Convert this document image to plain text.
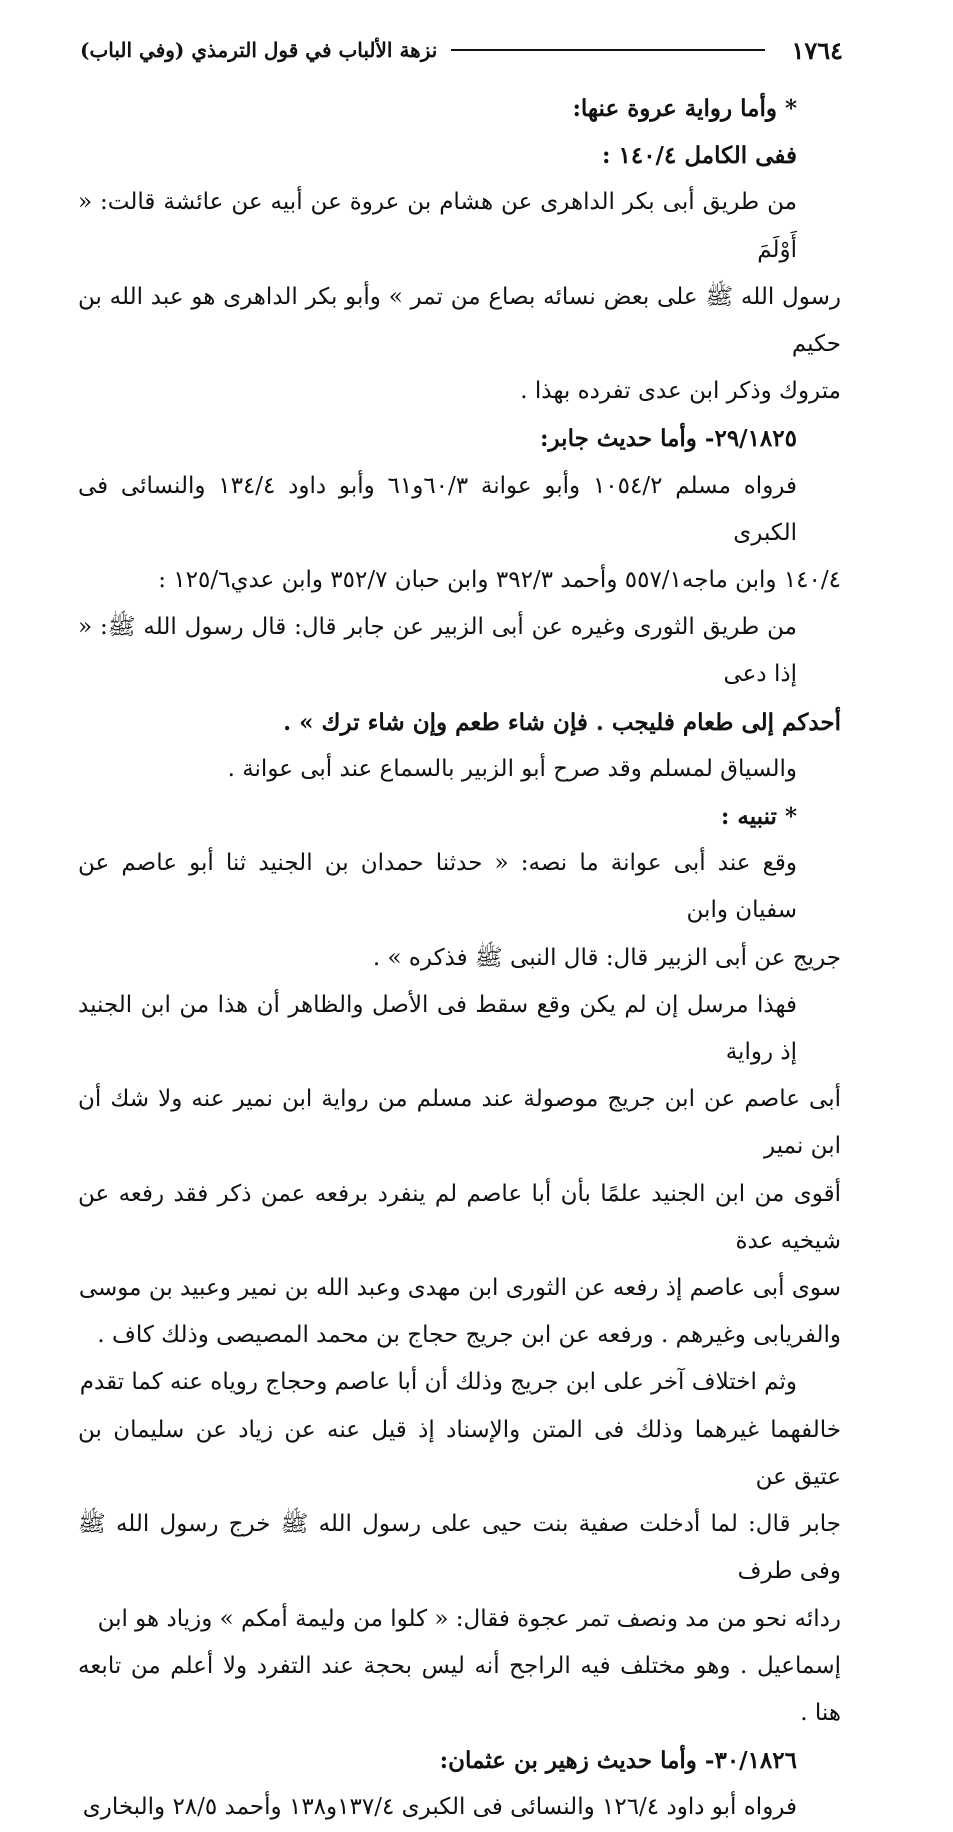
١٧٦٤
نزهة الألباب في قول الترمذي (وفي الباب)

* وأما رواية عروة عنها:

ففى الكامل ١٤٠/٤ :

من طريق أبى بكر الداهرى عن هشام بن عروة عن أبيه عن عائشة قالت: « أَوْلَمَ

رسول الله ﷺ على بعض نسائه بصاع من تمر » وأبو بكر الداهرى هو عبد الله بن حكيم

متروك وذكر ابن عدى تفرده بهذا .

٢٩/١٨٢٥- وأما حديث جابر:

فرواه مسلم ١٠٥٤/٢ وأبو عوانة ٦٠/٣و٦١ وأبو داود ١٣٤/٤ والنسائى فى الكبرى

١٤٠/٤ وابن ماجه٥٥٧/١ وأحمد ٣٩٢/٣ وابن حبان ٣٥٢/٧ وابن عدي١٢٥/٦ :

من طريق الثورى وغيره عن أبى الزبير عن جابر قال: قال رسول الله ﷺ: « إذا دعى

أحدكم إلى طعام فليجب . فإن شاء طعم وإن شاء ترك » .

والسياق لمسلم وقد صرح أبو الزبير بالسماع عند أبى عوانة .

* تنبيه :

وقع عند أبى عوانة ما نصه: « حدثنا حمدان بن الجنيد ثنا أبو عاصم عن سفيان وابن

جريج عن أبى الزبير قال: قال النبى ﷺ فذكره » .

فهذا مرسل إن لم يكن وقع سقط فى الأصل والظاهر أن هذا من ابن الجنيد إذ رواية

أبى عاصم عن ابن جريج موصولة عند مسلم من رواية ابن نمير عنه ولا شك أن ابن نمير

أقوى من ابن الجنيد علمًا بأن أبا عاصم لم ينفرد برفعه عمن ذكر فقد رفعه عن شيخيه عدة

سوى أبى عاصم إذ رفعه عن الثورى ابن مهدى وعبد الله بن نمير وعبيد بن موسى

والفريابى وغيرهم . ورفعه عن ابن جريج حجاج بن محمد المصيصى وذلك كاف .

وثم اختلاف آخر على ابن جريج وذلك أن أبا عاصم وحجاج روياه عنه كما تقدم

خالفهما غيرهما وذلك فى المتن والإسناد إذ قيل عنه عن زياد عن سليمان بن عتيق عن

جابر قال: لما أدخلت صفية بنت حيى على رسول الله ﷺ خرج رسول الله ﷺ وفى طرف

ردائه نحو من مد ونصف تمر عجوة فقال: « كلوا من وليمة أمكم » وزياد هو ابن

إسماعيل . وهو مختلف فيه الراجح أنه ليس بحجة عند التفرد ولا أعلم من تابعه هنا .

٣٠/١٨٢٦- وأما حديث زهير بن عثمان:

فرواه أبو داود ١٢٦/٤ والنسائى فى الكبرى ١٣٧/٤و١٣٨ وأحمد ٢٨/٥ والبخارى
